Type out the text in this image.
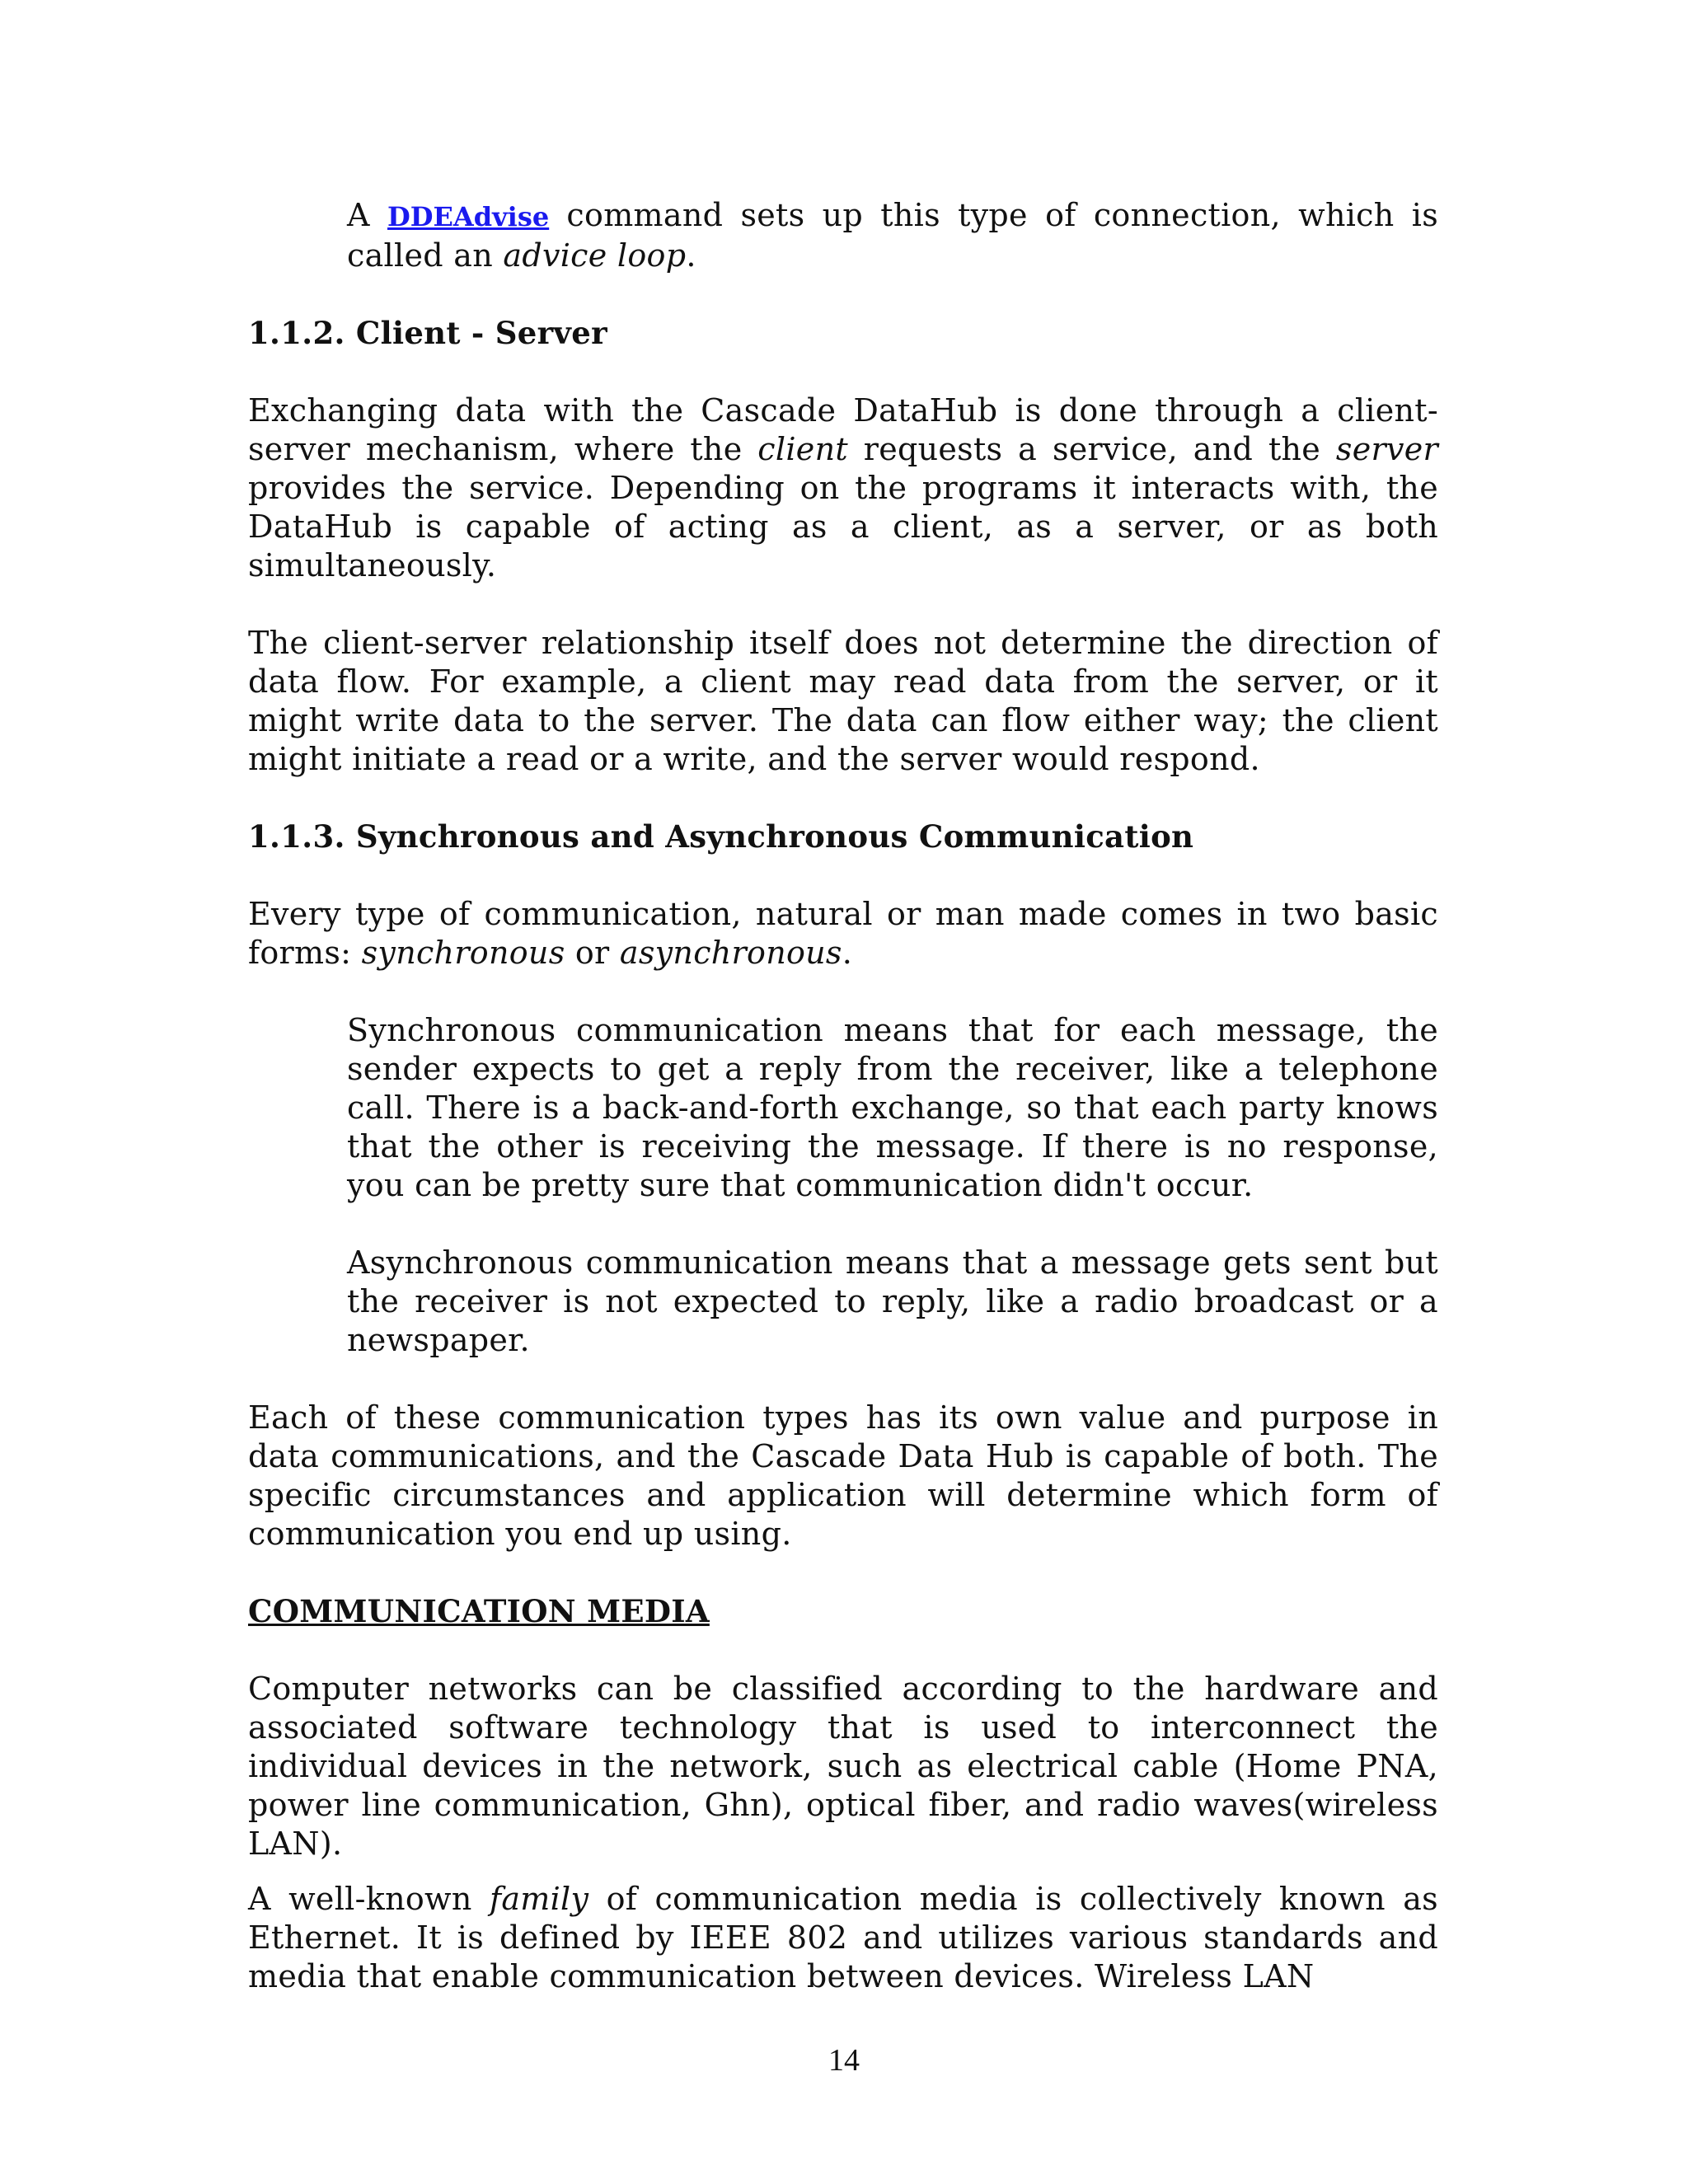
A DDEAdvise command sets up this type of connection, which is called an advice loop.

1.1.2. Client - Server

Exchanging data with the Cascade DataHub is done through a client-server mechanism, where the client requests a service, and the server provides the service. Depending on the programs it interacts with, the DataHub is capable of acting as a client, as a server, or as both simultaneously.

The client-server relationship itself does not determine the direction of data flow. For example, a client may read data from the server, or it might write data to the server. The data can flow either way; the client might initiate a read or a write, and the server would respond.

1.1.3. Synchronous and Asynchronous Communication

Every type of communication, natural or man made comes in two basic forms: synchronous or asynchronous.

Synchronous communication means that for each message, the sender expects to get a reply from the receiver, like a telephone call. There is a back-and-forth exchange, so that each party knows that the other is receiving the message. If there is no response, you can be pretty sure that communication didn't occur.

Asynchronous communication means that a message gets sent but the receiver is not expected to reply, like a radio broadcast or a newspaper.

Each of these communication types has its own value and purpose in data communications, and the Cascade Data Hub is capable of both. The specific circumstances and application will determine which form of communication you end up using.

COMMUNICATION MEDIA

Computer networks can be classified according to the hardware and associated software technology that is used to interconnect the individual devices in the network, such as electrical cable (Home PNA, power line communication, Ghn), optical fiber, and radio waves(wireless LAN).

A well-known family of communication media is collectively known as Ethernet. It is defined by IEEE 802 and utilizes various standards and media that enable communication between devices. Wireless LAN

14
